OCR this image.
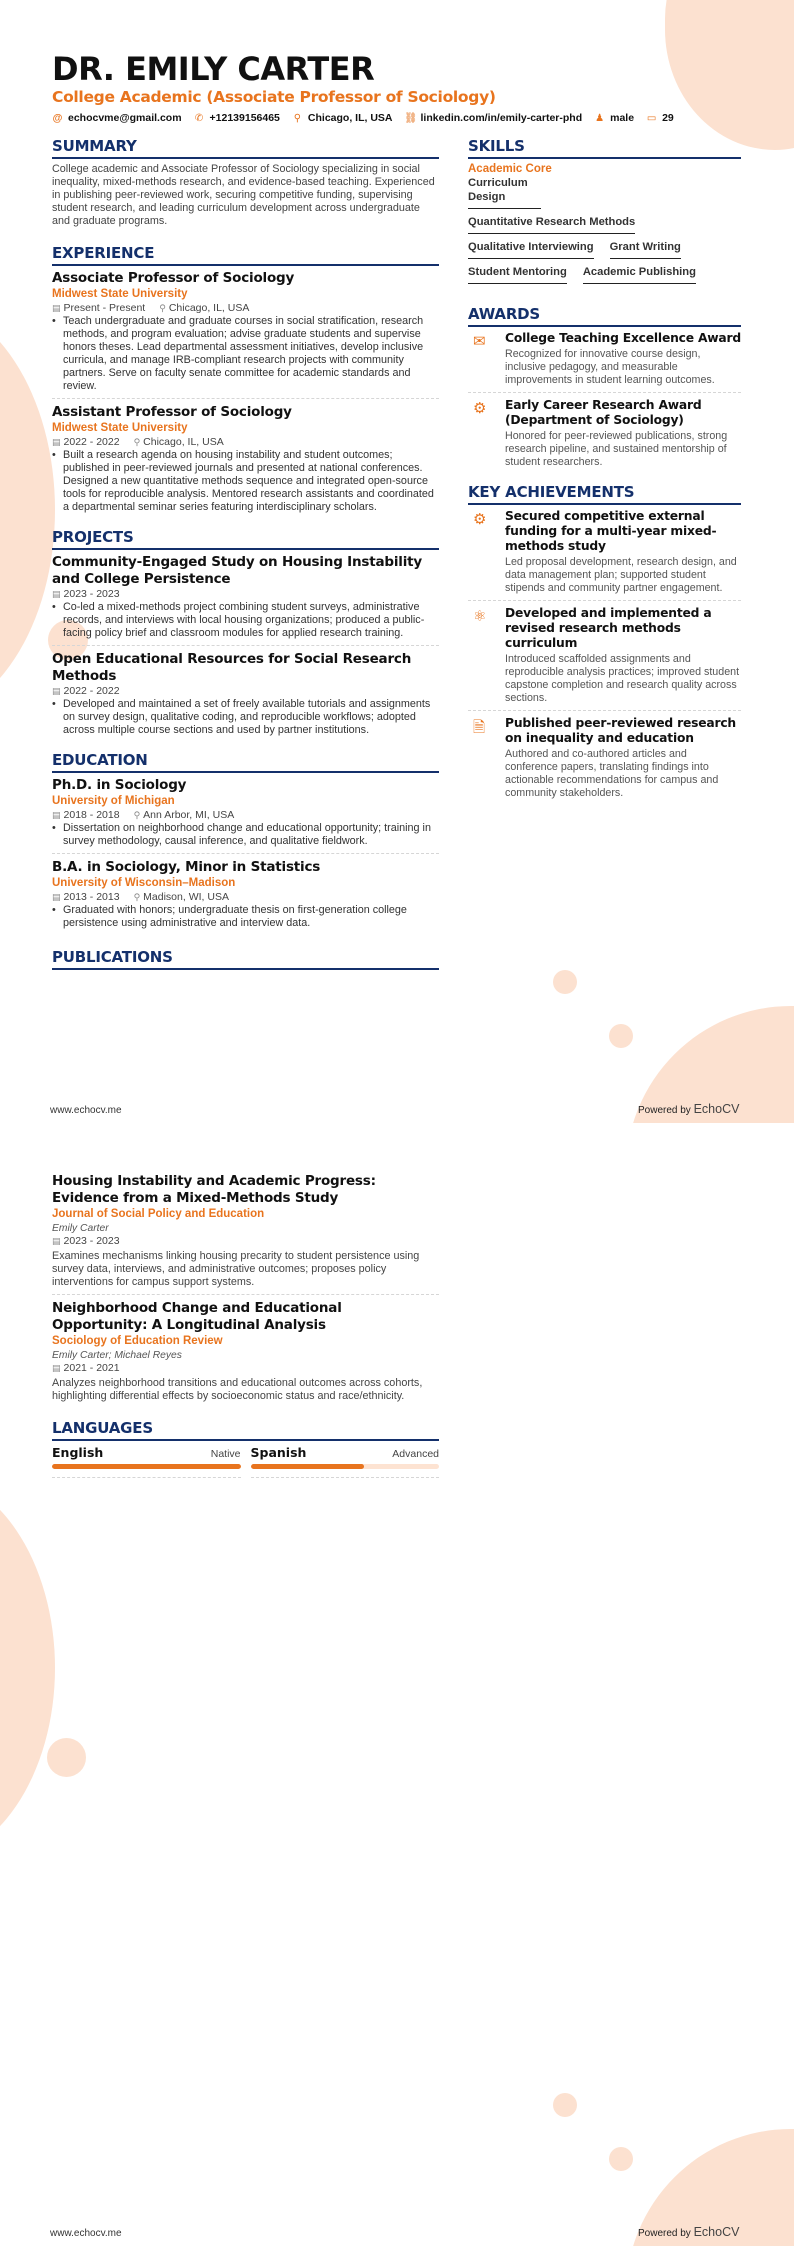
DR. EMILY CARTER
College Academic (Associate Professor of Sociology)
@ echocvme@gmail.com ✆ +12139156465 ⚲ Chicago, IL, USA ⛓ linkedin.com/in/emily-carter-phd ♟ male ▭ 29
SUMMARY

College academic and Associate Professor of Sociology specializing in social inequality, mixed-methods research, and evidence-based teaching. Experienced in publishing peer-reviewed work, securing competitive funding, supervising student research, and leading curriculum development across undergraduate and graduate programs.

EXPERIENCE
Associate Professor of Sociology
Midwest State University
▤ Present - Present ⚲ Chicago, IL, USA
• Teach undergraduate and graduate courses in social stratification, research methods, and program evaluation; advise graduate students and supervise honors theses. Lead departmental assessment initiatives, develop inclusive curricula, and manage IRB-compliant research projects with community partners. Serve on faculty senate committee for academic standards and review.
Assistant Professor of Sociology
Midwest State University
▤ 2022 - 2022 ⚲ Chicago, IL, USA
• Built a research agenda on housing instability and student outcomes; published in peer-reviewed journals and presented at national conferences. Designed a new quantitative methods sequence and integrated open-source tools for reproducible analysis. Mentored research assistants and coordinated a departmental seminar series featuring interdisciplinary scholars.
PROJECTS
Community-Engaged Study on Housing Instability and College Persistence
▤ 2023 - 2023
• Co-led a mixed-methods project combining student surveys, administrative records, and interviews with local housing organizations; produced a public-facing policy brief and classroom modules for applied research training.
Open Educational Resources for Social Research Methods
▤ 2022 - 2022
• Developed and maintained a set of freely available tutorials and assignments on survey design, qualitative coding, and reproducible workflows; adopted across multiple course sections and used by partner institutions.
EDUCATION
Ph.D. in Sociology
University of Michigan
▤ 2018 - 2018 ⚲ Ann Arbor, MI, USA
• Dissertation on neighborhood change and educational opportunity; training in survey methodology, causal inference, and qualitative fieldwork.
B.A. in Sociology, Minor in Statistics
University of Wisconsin–Madison
▤ 2013 - 2013 ⚲ Madison, WI, USA
• Graduated with honors; undergraduate thesis on first-generation college persistence using administrative and interview data.
PUBLICATIONS
SKILLS
Academic Core
Curriculum Design
Quantitative Research Methods
Qualitative Interviewing Grant Writing
Student Mentoring Academic Publishing
AWARDS
✉	College Teaching Excellence Award
Recognized for innovative course design, inclusive pedagogy, and measurable improvements in student learning outcomes.
⚙	Early Career Research Award (Department of Sociology)
Honored for peer-reviewed publications, strong research pipeline, and sustained mentorship of student researchers.
KEY ACHIEVEMENTS
⚙	Secured competitive external funding for a multi-year mixed-methods study
Led proposal development, research design, and data management plan; supported student stipends and community partner engagement.
⚛	Developed and implemented a revised research methods curriculum
Introduced scaffolded assignments and reproducible analysis practices; improved student capstone completion and research quality across sections.
🗎	Published peer-reviewed research on inequality and education
Authored and co-authored articles and conference papers, translating findings into actionable recommendations for campus and community stakeholders.
www.echocv.me	Powered by EchoCV
Housing Instability and Academic Progress: Evidence from a Mixed-Methods Study
Journal of Social Policy and Education
Emily Carter
▤ 2023 - 2023

Examines mechanisms linking housing precarity to student persistence using survey data, interviews, and administrative outcomes; proposes policy interventions for campus support systems.

Neighborhood Change and Educational Opportunity: A Longitudinal Analysis
Sociology of Education Review
Emily Carter; Michael Reyes
▤ 2021 - 2021

Analyzes neighborhood transitions and educational outcomes across cohorts, highlighting differential effects by socioeconomic status and race/ethnicity.

LANGUAGES
English	Native Spanish	Advanced
www.echocv.me	Powered by EchoCV
